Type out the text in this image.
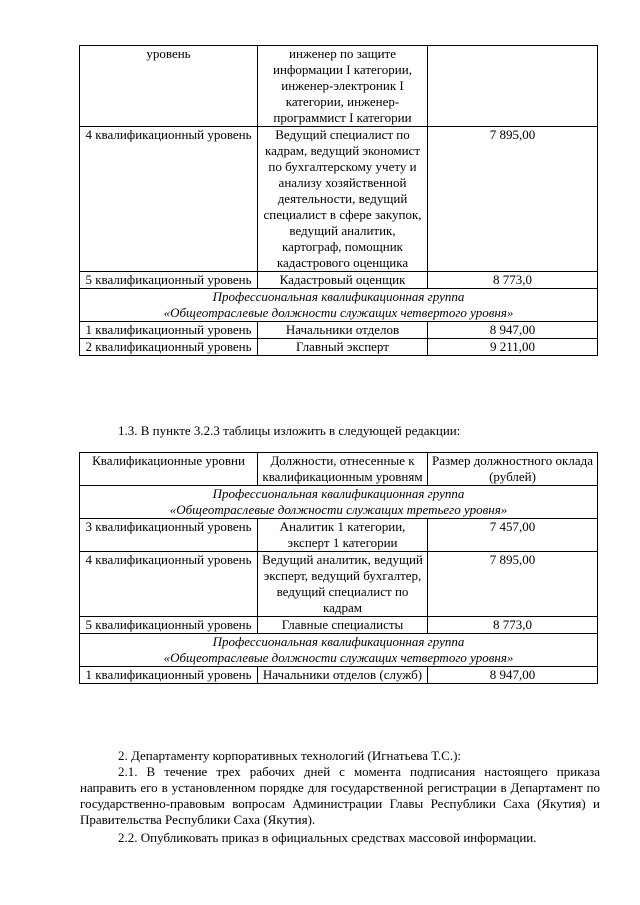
уровень	инженер по защите информации I категории, инженер-электроник I категории, инженер-программист I категории	
4 квалификационный уровень	Ведущий специалист по кадрам, ведущий экономист по бухгалтерскому учету и анализу хозяйственной деятельности, ведущий специалист в сфере закупок, ведущий аналитик, картограф, помощник кадастрового оценщика	7 895,00
5 квалификационный уровень	Кадастровый оценщик	8 773,0

Профессиональная квалификационная группа
«Общеотраслевые должности служащих четвертого уровня»		

1 квалификационный уровень	Начальники отделов	8 947,00
2 квалификационный уровень	Главный эксперт	9 211,00

1.3. В пункте 3.2.3 таблицы изложить в следующей редакции:

Квалификационные уровни	Должности, отнесенные к квалификационным уровням	Размер должностного оклада (рублей)

Профессиональная квалификационная группа
«Общеотраслевые должности служащих третьего уровня»		

3 квалификационный уровень	Аналитик 1 категории, эксперт 1 категории	7 457,00
4 квалификационный уровень	Ведущий аналитик, ведущий эксперт, ведущий бухгалтер, ведущий специалист по кадрам	7 895,00
5 квалификационный уровень	Главные специалисты	8 773,0

Профессиональная квалификационная группа
«Общеотраслевые должности служащих четвертого уровня»		

1 квалификационный уровень	Начальники отделов (служб)	8 947,00

2. Департаменту корпоративных технологий (Игнатьева Т.С.):

2.1. В течение трех рабочих дней с момента подписания настоящего приказа направить его в установленном порядке для государственной регистрации в Департамент по государственно-правовым вопросам Администрации Главы Республики Саха (Якутия) и Правительства Республики Саха (Якутия).

2.2. Опубликовать приказ в официальных средствах массовой информации.
